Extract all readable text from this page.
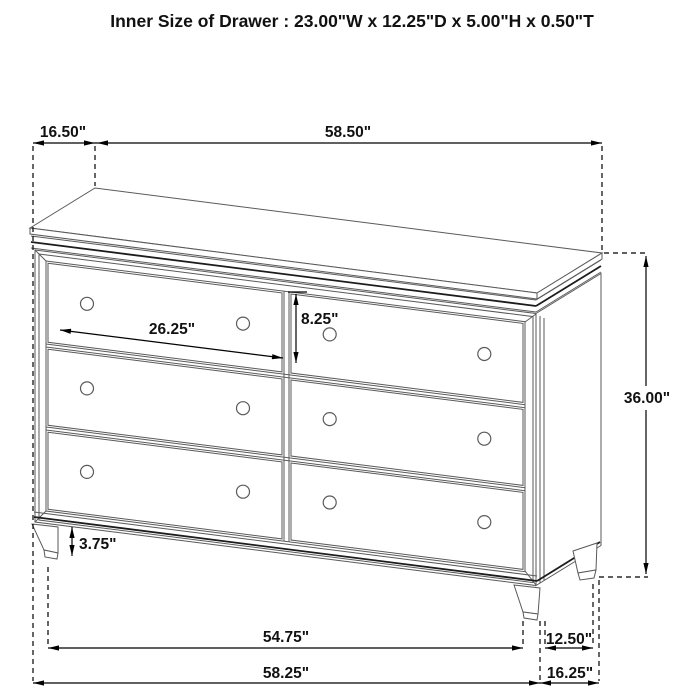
Inner Size of Drawer : 23.00"W x 12.25"D x 5.00"H x 0.50"T
16.50"	58.50"
36.00"
26.25"
8.25"
3.75"
54.75"
58.25"
12.50"
16.25"
